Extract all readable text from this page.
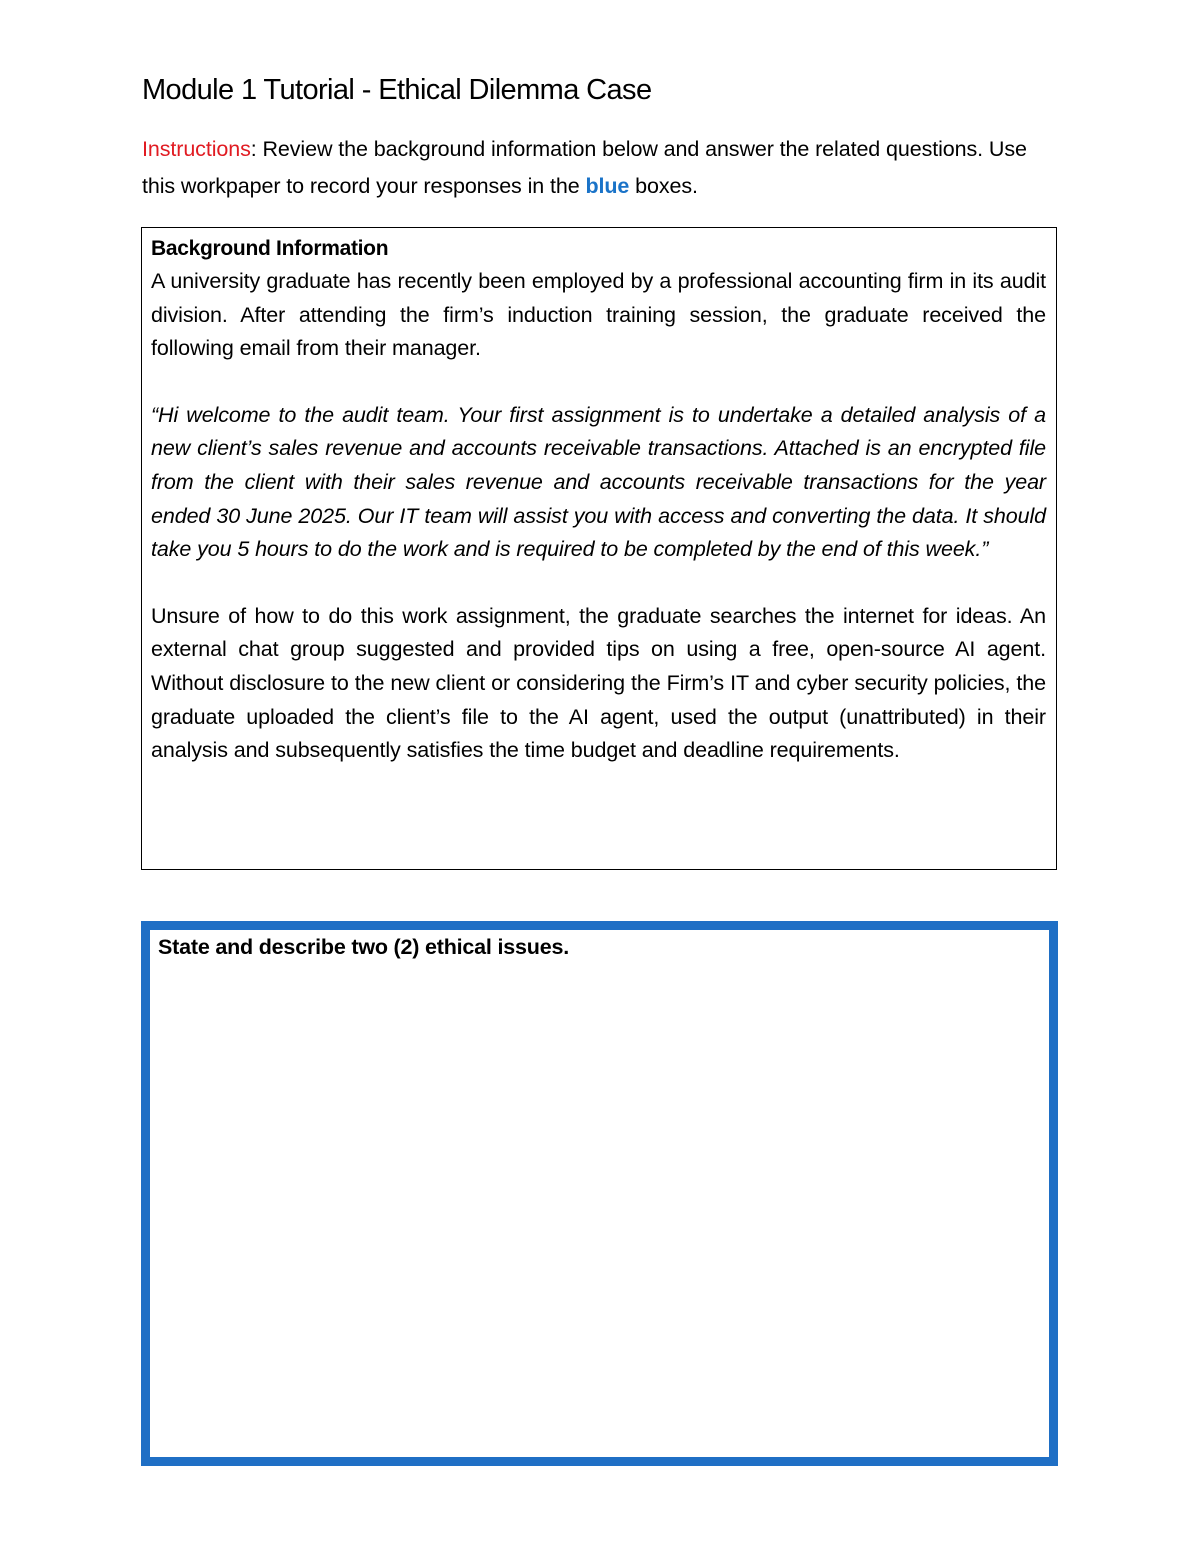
Module 1 Tutorial - Ethical Dilemma Case
Instructions: Review the background information below and answer the related questions. Use this workpaper to record your responses in the blue boxes.
Background Information

A university graduate has recently been employed by a professional accounting firm in its audit division. After attending the firm’s induction training session, the graduate received the following email from their manager.

“Hi welcome to the audit team. Your first assignment is to undertake a detailed analysis of a new client’s sales revenue and accounts receivable transactions. Attached is an encrypted file from the client with their sales revenue and accounts receivable transactions for the year ended 30 June 2025. Our IT team will assist you with access and converting the data. It should take you 5 hours to do the work and is required to be completed by the end of this week.”

Unsure of how to do this work assignment, the graduate searches the internet for ideas. An external chat group suggested and provided tips on using a free, open-source AI agent. Without disclosure to the new client or considering the Firm’s IT and cyber security policies, the graduate uploaded the client’s file to the AI agent, used the output (unattributed) in their analysis and subsequently satisfies the time budget and deadline requirements.

State and describe two (2) ethical issues.
